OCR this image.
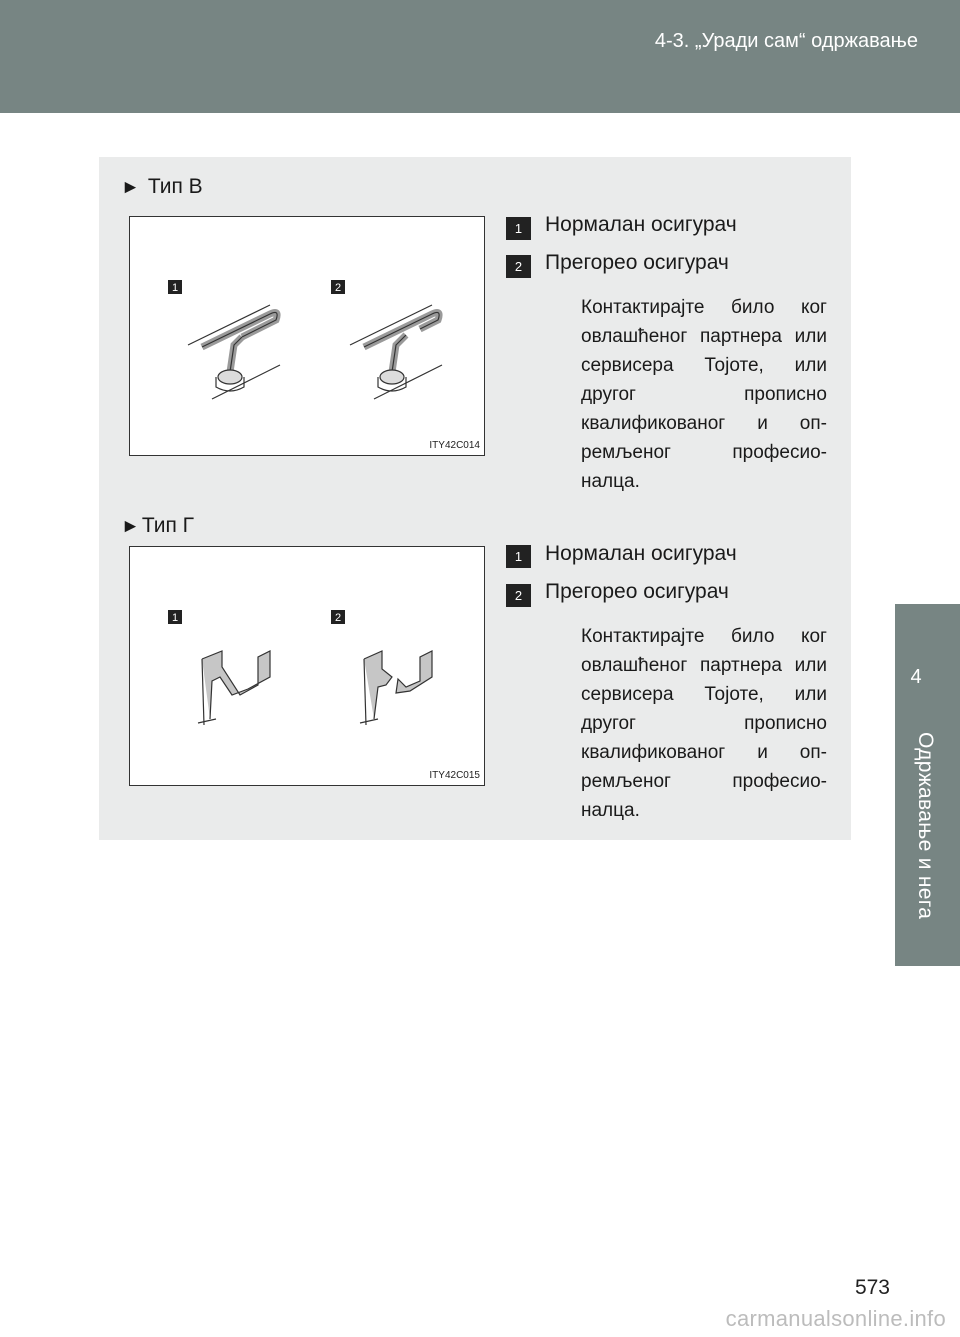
4-3. „Уради сам“ одржавање
4
Одржавање и нега
► Тип В
1	2
ITY42C014
1	Нормалан осигурач
2	Прегорео осигурач
Контактирајте било ког овлашћеног партнера или сервисера Тојоте, или другог прописно квалификованог и оп-ремљеног професио-налца.
►Тип Г
1	2
ITY42C015
1	Нормалан осигурач
2	Прегорео осигурач
Контактирајте било ког овлашћеног партнера или сервисера Тојоте, или другог прописно квалификованог и оп-ремљеног професио-налца.
573
carmanualsonline.info
